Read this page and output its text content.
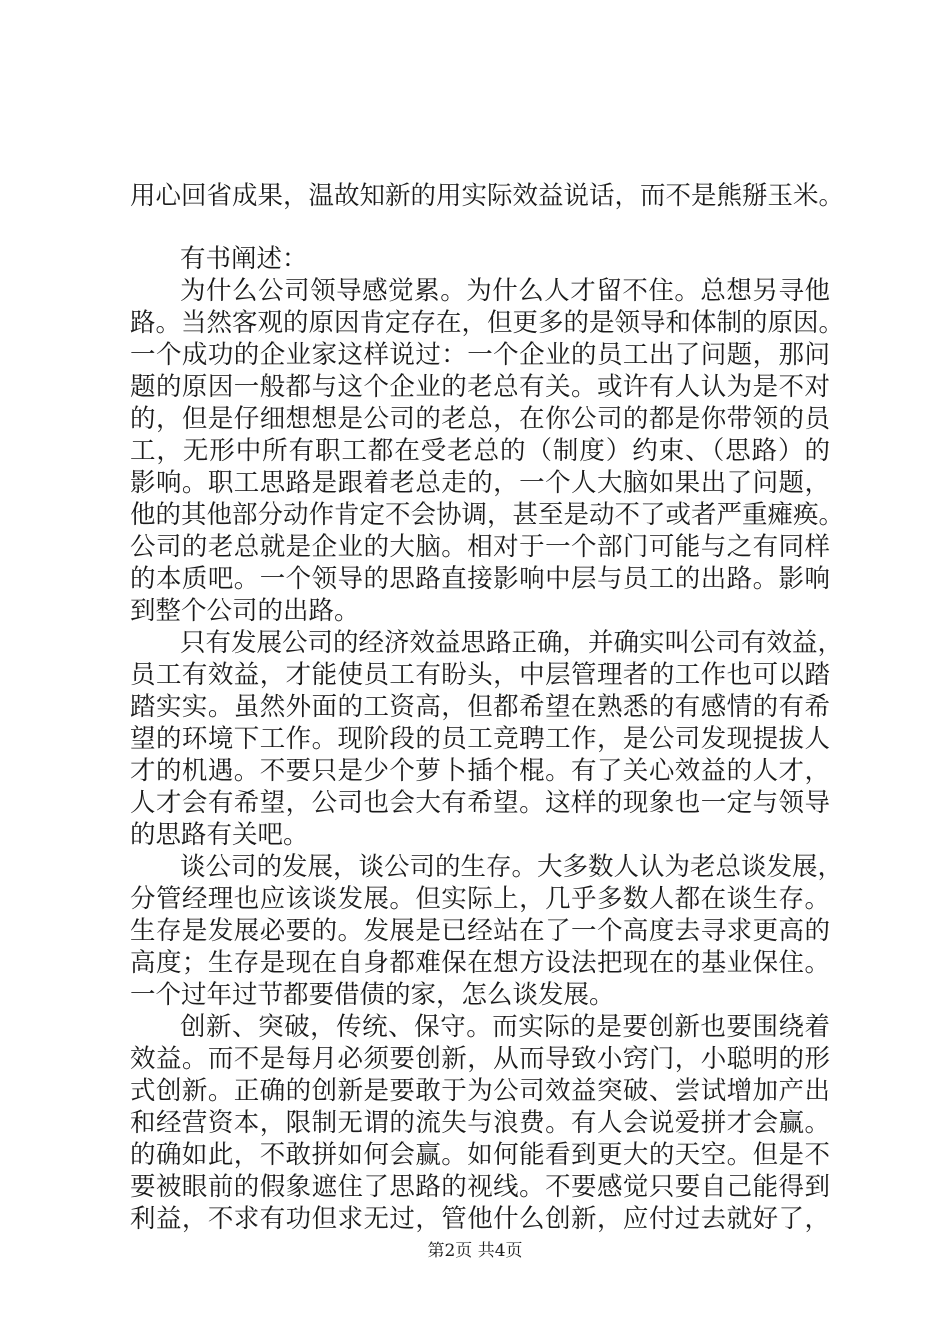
用心回省成果，温故知新的用实际效益说话，而不是熊掰玉米。
有书阐述：
为什么公司领导感觉累。为什么人才留不住。总想另寻他
路。当然客观的原因肯定存在，但更多的是领导和体制的原因。
一个成功的企业家这样说过：一个企业的员工出了问题，那问
题的原因一般都与这个企业的老总有关。或许有人认为是不对
的，但是仔细想想是公司的老总，在你公司的都是你带领的员
工，无形中所有职工都在受老总的（制度）约束、（思路）的
影响。职工思路是跟着老总走的，一个人大脑如果出了问题，
他的其他部分动作肯定不会协调，甚至是动不了或者严重瘫痪。
公司的老总就是企业的大脑。相对于一个部门可能与之有同样
的本质吧。一个领导的思路直接影响中层与员工的出路。影响
到整个公司的出路。
只有发展公司的经济效益思路正确，并确实叫公司有效益，
员工有效益，才能使员工有盼头，中层管理者的工作也可以踏
踏实实。虽然外面的工资高，但都希望在熟悉的有感情的有希
望的环境下工作。现阶段的员工竞聘工作，是公司发现提拔人
才的机遇。不要只是少个萝卜插个棍。有了关心效益的人才，
人才会有希望，公司也会大有希望。这样的现象也一定与领导
的思路有关吧。
谈公司的发展，谈公司的生存。大多数人认为老总谈发展，
分管经理也应该谈发展。但实际上，几乎多数人都在谈生存。
生存是发展必要的。发展是已经站在了一个高度去寻求更高的
高度；生存是现在自身都难保在想方设法把现在的基业保住。
一个过年过节都要借债的家，怎么谈发展。
创新、突破，传统、保守。而实际的是要创新也要围绕着
效益。而不是每月必须要创新，从而导致小窍门，小聪明的形
式创新。正确的创新是要敢于为公司效益突破、尝试增加产出
和经营资本，限制无谓的流失与浪费。有人会说爱拼才会赢。
的确如此，不敢拼如何会赢。如何能看到更大的天空。但是不
要被眼前的假象遮住了思路的视线。不要感觉只要自己能得到
利益，不求有功但求无过，管他什么创新，应付过去就好了，
第2页 共4页
